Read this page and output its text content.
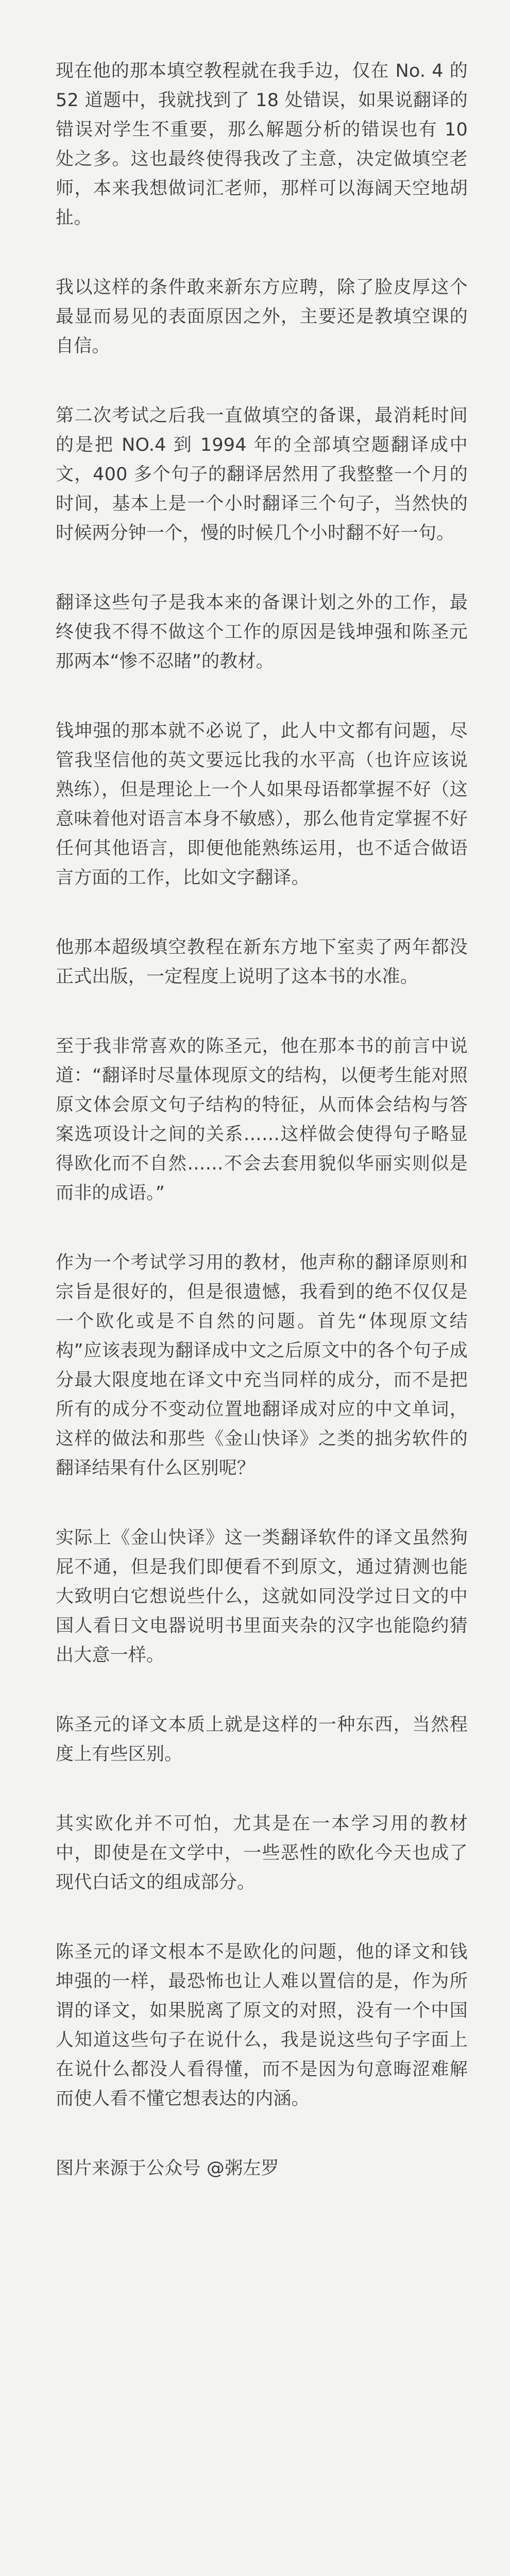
现在他的那本填空教程就在我手边，仅在 No. 4 的 52 道题中，我就找到了 18 处错误，如果说翻译的错误对学生不重要，那么解题分析的错误也有 10 处之多。这也最终使得我改了主意，决定做填空老师，本来我想做词汇老师，那样可以海阔天空地胡扯。

我以这样的条件敢来新东方应聘，除了脸皮厚这个最显而易见的表面原因之外，主要还是教填空课的自信。

第二次考试之后我一直做填空的备课，最消耗时间的是把 NO.4 到 1994 年的全部填空题翻译成中文，400 多个句子的翻译居然用了我整整一个月的时间，基本上是一个小时翻译三个句子，当然快的时候两分钟一个，慢的时候几个小时翻不好一句。

翻译这些句子是我本来的备课计划之外的工作，最终使我不得不做这个工作的原因是钱坤强和陈圣元那两本“惨不忍睹”的教材。

钱坤强的那本就不必说了，此人中文都有问题，尽管我坚信他的英文要远比我的水平高（也许应该说熟练），但是理论上一个人如果母语都掌握不好（这意味着他对语言本身不敏感），那么他肯定掌握不好任何其他语言，即便他能熟练运用，也不适合做语言方面的工作，比如文字翻译。

他那本超级填空教程在新东方地下室卖了两年都没正式出版，一定程度上说明了这本书的水准。

至于我非常喜欢的陈圣元，他在那本书的前言中说道：“翻译时尽量体现原文的结构，以便考生能对照原文体会原文句子结构的特征，从而体会结构与答案选项设计之间的关系……这样做会使得句子略显得欧化而不自然……不会去套用貌似华丽实则似是而非的成语。”

作为一个考试学习用的教材，他声称的翻译原则和宗旨是很好的，但是很遗憾，我看到的绝不仅仅是一个欧化或是不自然的问题。首先“体现原文结构”应该表现为翻译成中文之后原文中的各个句子成分最大限度地在译文中充当同样的成分，而不是把所有的成分不变动位置地翻译成对应的中文单词，这样的做法和那些《金山快译》之类的拙劣软件的翻译结果有什么区别呢？

实际上《金山快译》这一类翻译软件的译文虽然狗屁不通，但是我们即便看不到原文，通过猜测也能大致明白它想说些什么，这就如同没学过日文的中国人看日文电器说明书里面夹杂的汉字也能隐约猜出大意一样。

陈圣元的译文本质上就是这样的一种东西，当然程度上有些区别。

其实欧化并不可怕，尤其是在一本学习用的教材中，即使是在文学中，一些恶性的欧化今天也成了现代白话文的组成部分。

陈圣元的译文根本不是欧化的问题，他的译文和钱坤强的一样，最恐怖也让人难以置信的是，作为所谓的译文，如果脱离了原文的对照，没有一个中国人知道这些句子在说什么，我是说这些句子字面上在说什么都没人看得懂，而不是因为句意晦涩难解而使人看不懂它想表达的内涵。

图片来源于公众号 @粥左罗
